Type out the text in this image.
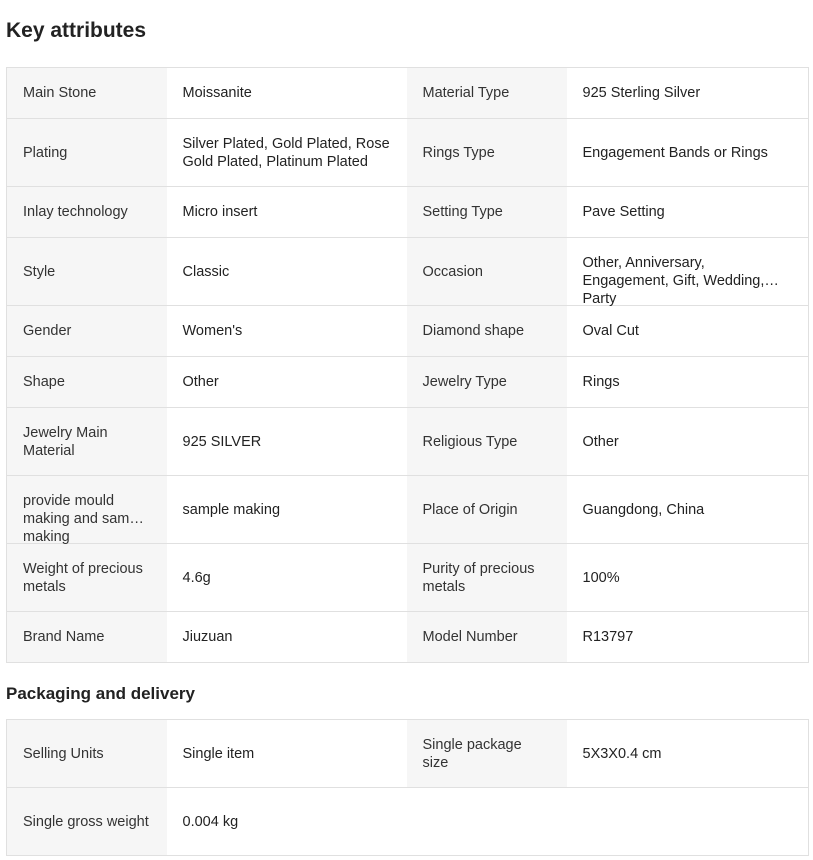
Key attributes
Main Stone	Moissanite	Material Type	925 Sterling Silver

Plating	Silver Plated, Gold Plated, Rose Gold Plated, Platinum Plated	Rings Type	Engagement Bands or Rings

Inlay technology	Micro insert	Setting Type	Pave Setting

Style	Classic	Occasion	Other, Anniversary, Engagement, Gift, Wedding, Party

Gender	Women's	Diamond shape	Oval Cut

Shape	Other	Jewelry Type	Rings

Jewelry Main Material	925 SILVER	Religious Type	Other

provide mould making and sample making	sample making	Place of Origin	Guangdong, China

Weight of precious metals	4.6g	Purity of precious metals	100%

Brand Name	Jiuzuan	Model Number	R13797
Packaging and delivery
Selling Units	Single item	Single package size	5X3X0.4 cm

Single gross weight	0.004 kg		
